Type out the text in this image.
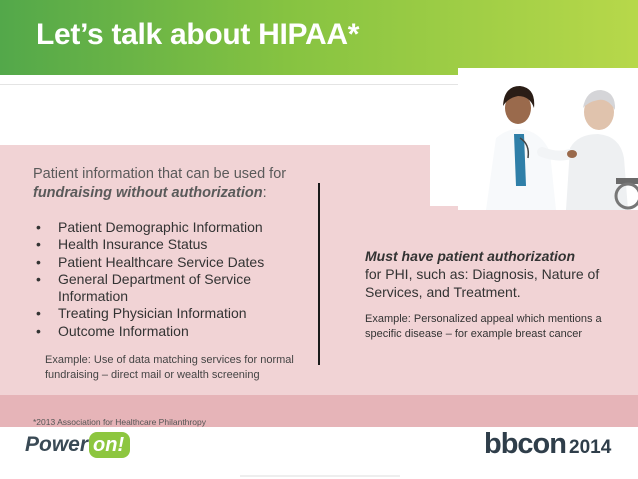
Let’s talk about HIPAA*
Patient information that can be used for fundraising without authorization:
• Patient Demographic Information
• Health Insurance Status
• Patient Healthcare Service Dates
• General Department of Service Information
• Treating Physician Information
• Outcome Information
Example: Use of data matching services for normal fundraising – direct mail or wealth screening
Must have patient authorization
for PHI, such as: Diagnosis, Nature of Services, and Treatment.
Example: Personalized appeal which mentions a specific disease – for example breast cancer
*2013 Association for Healthcare Philanthropy
Power on!	bbcon 2014
